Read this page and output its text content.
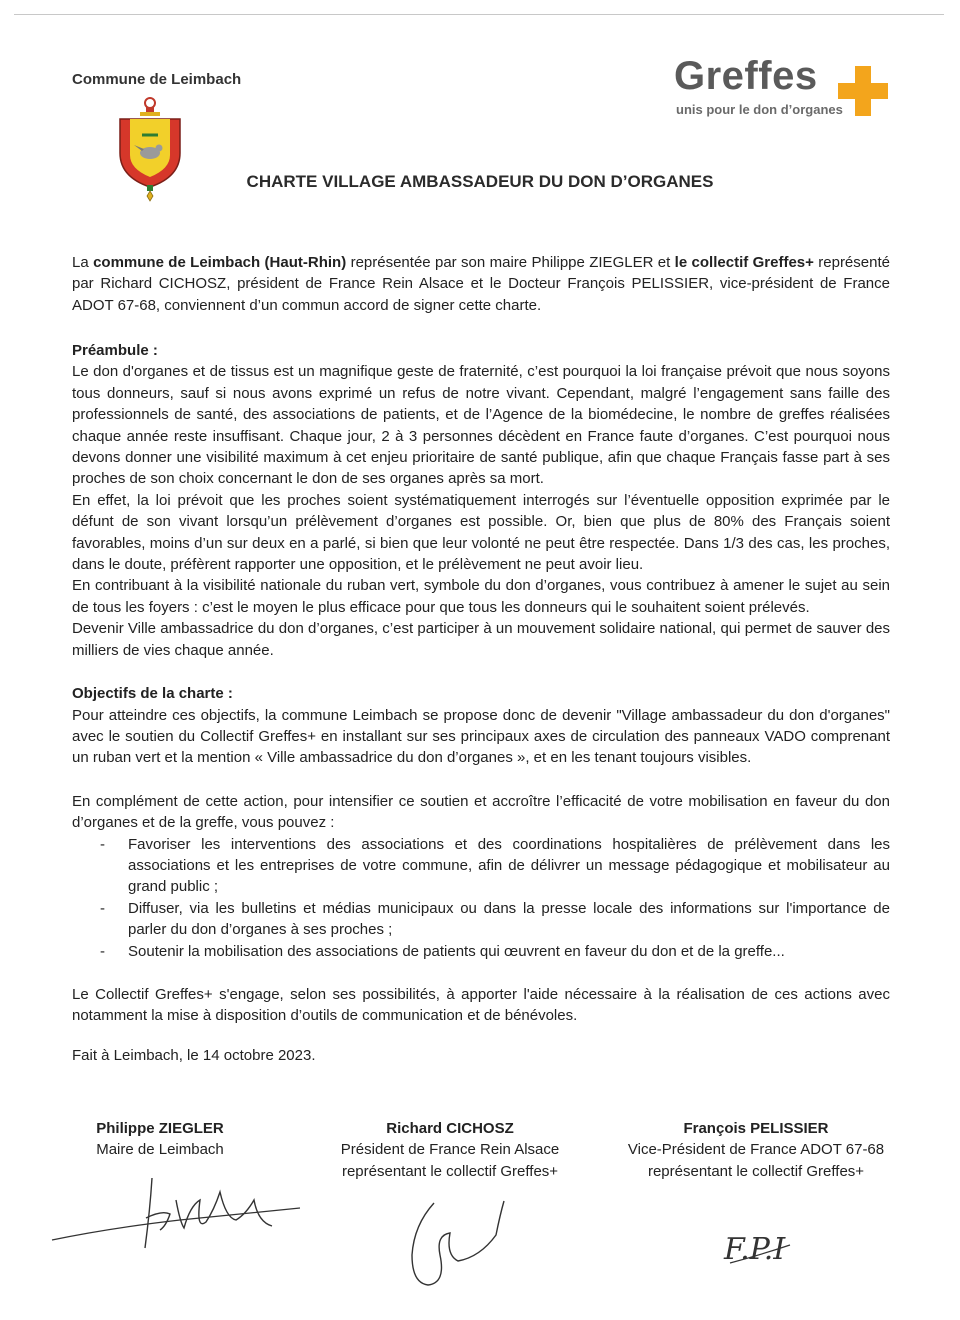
Commune de Leimbach	Greffes
unis pour le don d’organes
CHARTE VILLAGE AMBASSADEUR DU DON D’ORGANES

La commune de Leimbach (Haut-Rhin) représentée par son maire Philippe ZIEGLER et le collectif Greffes+ représenté par Richard CICHOSZ, président de France Rein Alsace et le Docteur François PELISSIER, vice-président de France ADOT 67-68, conviennent d’un commun accord de signer cette charte.

Préambule :

Le don d'organes et de tissus est un magnifique geste de fraternité, c’est pourquoi la loi française prévoit que nous soyons tous donneurs, sauf si nous avons exprimé un refus de notre vivant. Cependant, malgré l’engagement sans faille des professionnels de santé, des associations de patients, et de l’Agence de la biomédecine, le nombre de greffes réalisées chaque année reste insuffisant. Chaque jour, 2 à 3 personnes décèdent en France faute d’organes. C’est pourquoi nous devons donner une visibilité maximum à cet enjeu prioritaire de santé publique, afin que chaque Français fasse part à ses proches de son choix concernant le don de ses organes après sa mort.

En effet, la loi prévoit que les proches soient systématiquement interrogés sur l’éventuelle opposition exprimée par le défunt de son vivant lorsqu’un prélèvement d’organes est possible. Or, bien que plus de 80% des Français soient favorables, moins d’un sur deux en a parlé, si bien que leur volonté ne peut être respectée. Dans 1/3 des cas, les proches, dans le doute, préfèrent rapporter une opposition, et le prélèvement ne peut avoir lieu.

En contribuant à la visibilité nationale du ruban vert, symbole du don d’organes, vous contribuez à amener le sujet au sein de tous les foyers : c’est le moyen le plus efficace pour que tous les donneurs qui le souhaitent soient prélevés.

Devenir Ville ambassadrice du don d’organes, c’est participer à un mouvement solidaire national, qui permet de sauver des milliers de vies chaque année.

Objectifs de la charte :

Pour atteindre ces objectifs, la commune Leimbach se propose donc de devenir "Village ambassadeur du don d'organes" avec le soutien du Collectif Greffes+ en installant sur ses principaux axes de circulation des panneaux VADO comprenant un ruban vert et la mention « Ville ambassadrice du don d’organes », et en les tenant toujours visibles.

En complément de cette action, pour intensifier ce soutien et accroître l’efficacité de votre mobilisation en faveur du don d’organes et de la greffe, vous pouvez :

- Favoriser les interventions des associations et des coordinations hospitalières de prélèvement dans les associations et les entreprises de votre commune, afin de délivrer un message pédagogique et mobilisateur au grand public ;
- Diffuser, via les bulletins et médias municipaux ou dans la presse locale des informations sur l'importance de parler du don d’organes à ses proches ;
- Soutenir la mobilisation des associations de patients qui œuvrent en faveur du don et de la greffe...

Le Collectif Greffes+ s'engage, selon ses possibilités, à apporter l'aide nécessaire à la réalisation de ces actions avec notamment la mise à disposition d’outils de communication et de bénévoles.

Fait à Leimbach, le 14 octobre 2023.

Philippe ZIEGLER
Maire de Leimbach
Richard CICHOSZ
Président de France Rein Alsace
représentant le collectif Greffes+
François PELISSIER
Vice-Président de France ADOT 67-68
représentant le collectif Greffes+
F.P.I
